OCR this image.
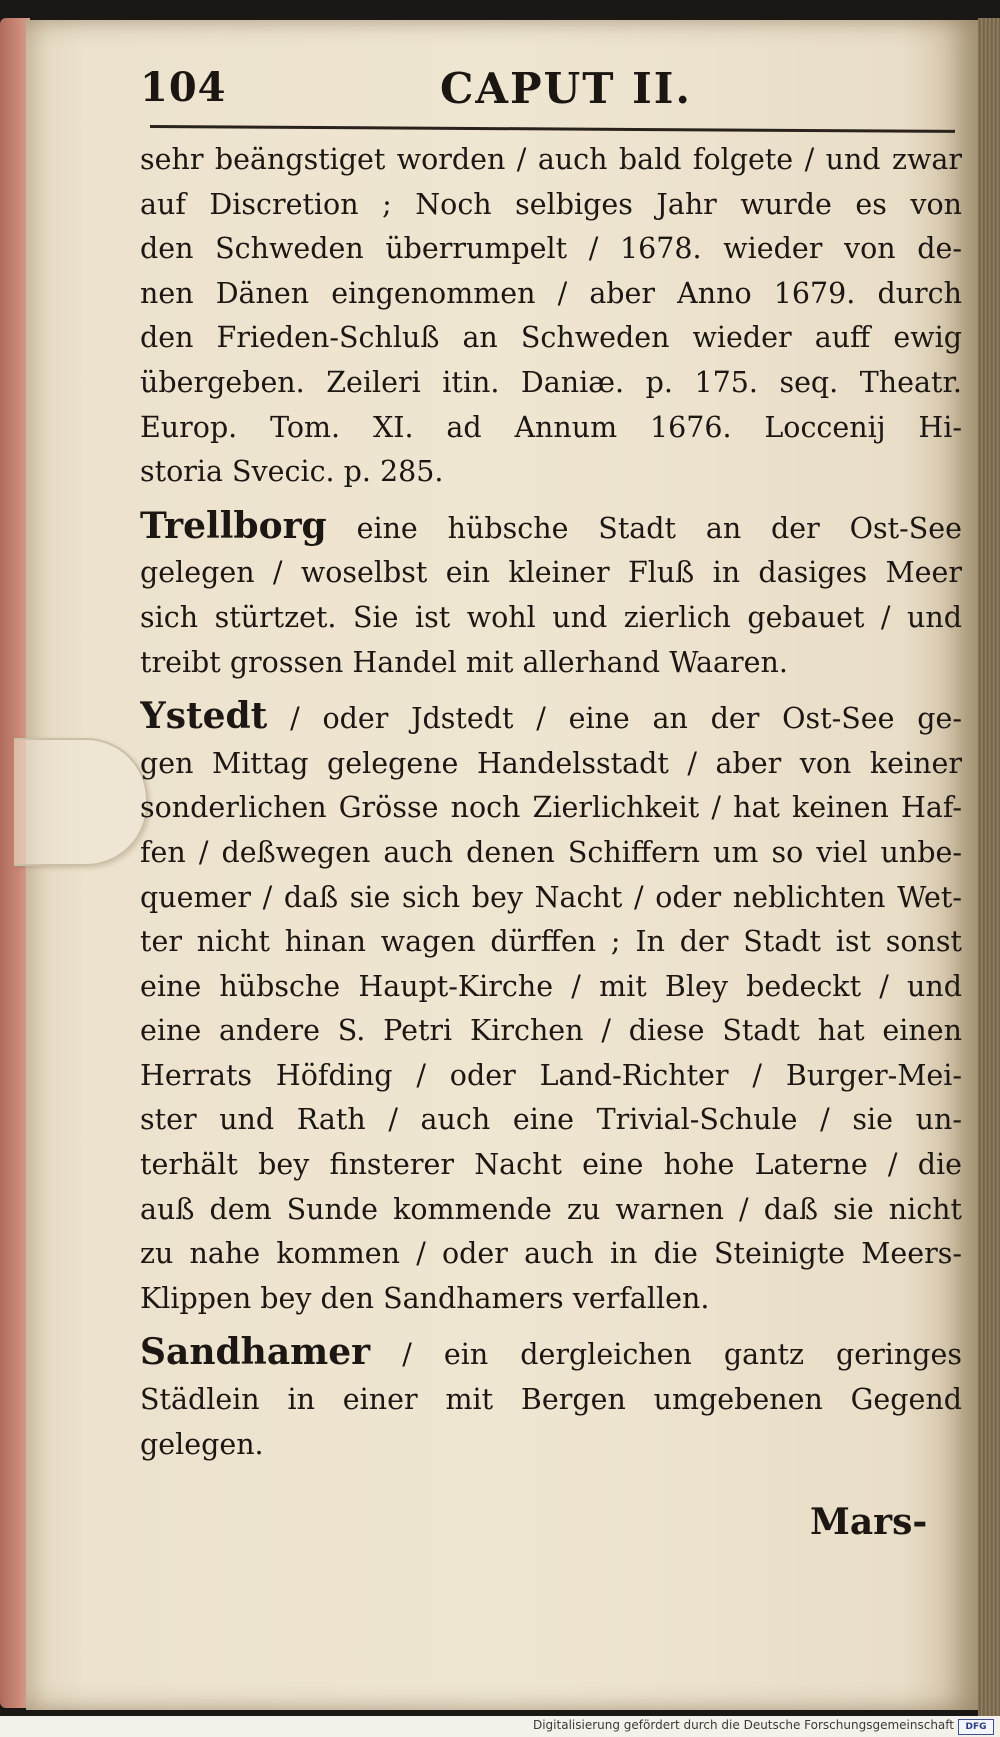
104	CAPUT II.

sehr beängstiget worden / auch bald folgete / und zwar
auf Discretion ; Noch selbiges Jahr wurde es von
den Schweden überrumpelt / 1678. wieder von de-
nen Dänen eingenommen / aber Anno 1679. durch
den Frieden-Schluß an Schweden wieder auff ewig
übergeben. Zeileri itin. Daniæ. p. 175. seq. Theatr.
Europ. Tom. XI. ad Annum 1676. Loccenij Hi-
storia Svecic. p. 285.

Trellborg eine hübsche Stadt an der Ost-See
gelegen / woselbst ein kleiner Fluß in dasiges Meer
sich stürtzet. Sie ist wohl und zierlich gebauet / und
treibt grossen Handel mit allerhand Waaren.

Ystedt / oder Jdstedt / eine an der Ost-See ge-
gen Mittag gelegene Handelsstadt / aber von keiner
sonderlichen Grösse noch Zierlichkeit / hat keinen Haf-
fen / deßwegen auch denen Schiffern um so viel unbe-
quemer / daß sie sich bey Nacht / oder neblichten Wet-
ter nicht hinan wagen dürffen ; In der Stadt ist sonst
eine hübsche Haupt-Kirche / mit Bley bedeckt / und
eine andere S. Petri Kirchen / diese Stadt hat einen
Herrats Höfding / oder Land-Richter / Burger-Mei-
ster und Rath / auch eine Trivial-Schule / sie un-
terhält bey finsterer Nacht eine hohe Laterne / die
auß dem Sunde kommende zu warnen / daß sie nicht
zu nahe kommen / oder auch in die Steinigte Meers-
Klippen bey den Sandhamers verfallen.

Sandhamer / ein dergleichen gantz geringes
Städlein in einer mit Bergen umgebenen Gegend
gelegen.

Mars-
Digitalisierung gefördert durch die Deutsche Forschungsgemeinschaft	DFG
